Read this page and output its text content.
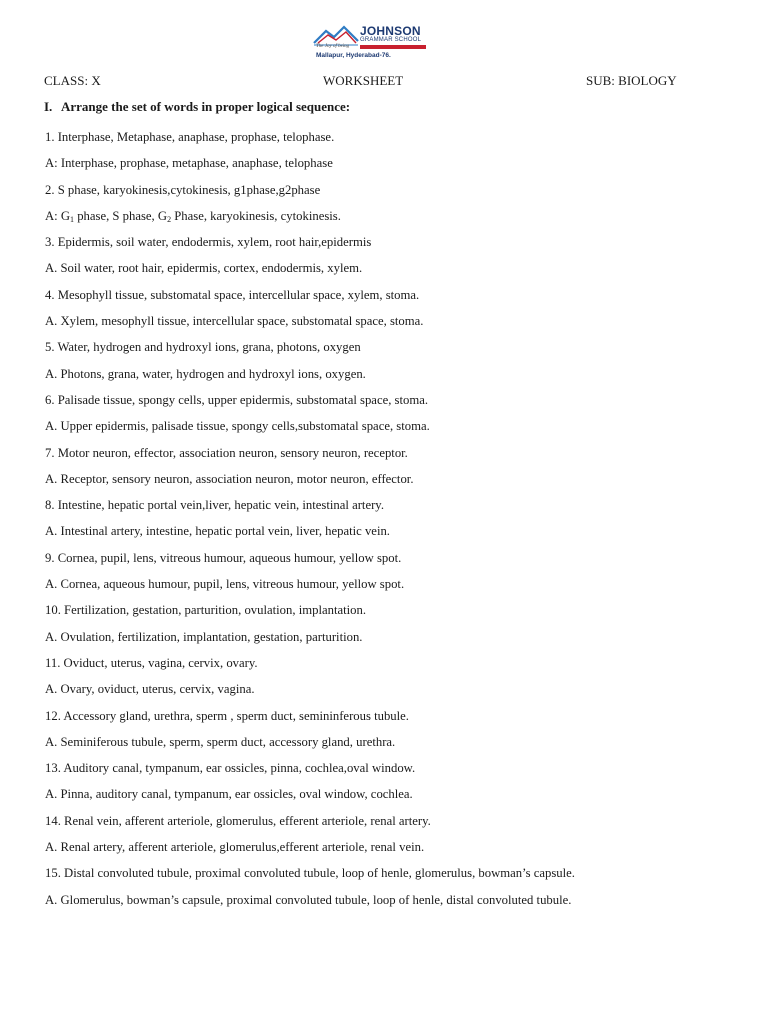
JOHNSON
GRAMMAR SCHOOL
The Joy of being
Mallapur, Hyderabad-76.
CLASS: X	WORKSHEET	SUB: BIOLOGY
I. Arrange the set of words in proper logical sequence:
1. Interphase, Metaphase, anaphase, prophase, telophase.
A: Interphase, prophase, metaphase, anaphase, telophase
2. S phase, karyokinesis,cytokinesis, g1phase,g2phase
A: $G_1$ phase, S phase, $G_2$ Phase, karyokinesis, cytokinesis.
3. Epidermis, soil water, endodermis, xylem, root hair,epidermis
A. Soil water, root hair, epidermis, cortex, endodermis, xylem.
4. Mesophyll tissue, substomatal space, intercellular space, xylem, stoma.
A. Xylem, mesophyll tissue, intercellular space, substomatal space, stoma.
5. Water, hydrogen and hydroxyl ions, grana, photons, oxygen
A. Photons, grana, water, hydrogen and hydroxyl ions, oxygen.
6. Palisade tissue, spongy cells, upper epidermis, substomatal space, stoma.
A. Upper epidermis, palisade tissue, spongy cells,substomatal space, stoma.
7. Motor neuron, effector, association neuron, sensory neuron, receptor.
A. Receptor, sensory neuron, association neuron, motor neuron, effector.
8. Intestine, hepatic portal vein,liver, hepatic vein, intestinal artery.
A. Intestinal artery, intestine, hepatic portal vein, liver, hepatic vein.
9. Cornea, pupil, lens, vitreous humour, aqueous humour, yellow spot.
A. Cornea, aqueous humour, pupil, lens, vitreous humour, yellow spot.
10. Fertilization, gestation, parturition, ovulation, implantation.
A. Ovulation, fertilization, implantation, gestation, parturition.
11. Oviduct, uterus, vagina, cervix, ovary.
A. Ovary, oviduct, uterus, cervix, vagina.
12. Accessory gland, urethra, sperm , sperm duct, semininferous tubule.
A. Seminiferous tubule, sperm, sperm duct, accessory gland, urethra.
13. Auditory canal, tympanum, ear ossicles, pinna, cochlea,oval window.
A. Pinna, auditory canal, tympanum, ear ossicles, oval window, cochlea.
14. Renal vein, afferent arteriole, glomerulus, efferent arteriole, renal artery.
A. Renal artery, afferent arteriole, glomerulus,efferent arteriole, renal vein.
15. Distal convoluted tubule, proximal convoluted tubule, loop of henle, glomerulus, bowman’s capsule.
A. Glomerulus, bowman’s capsule, proximal convoluted tubule, loop of henle, distal convoluted tubule.
